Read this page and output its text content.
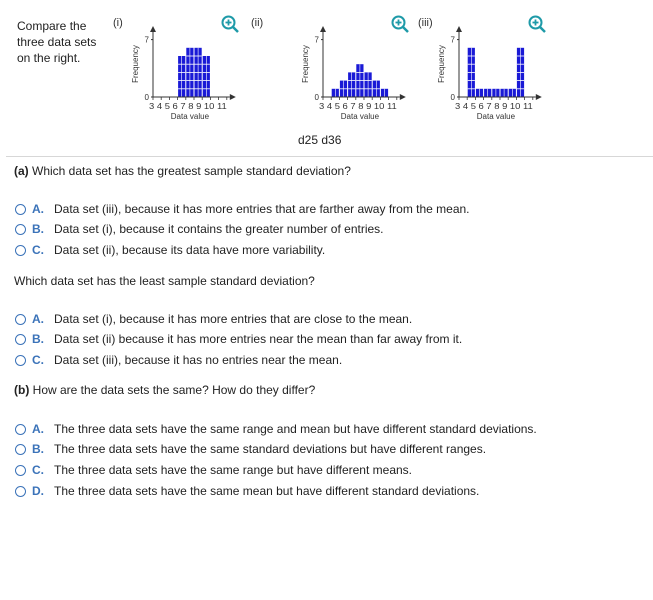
Compare the
three data sets
on the right.
(i)	(ii)	(iii)
Frequency
0
7
3 4 5 6 7 8 9 10 11
Data value
Frequency
0
7
3 4 5 6 7 8 9 10 11
Data value
Frequency
0
7
3 4 5 6 7 8 9 10 11
Data value
d25 d36
(a) Which data set has the greatest sample standard deviation?
A. Data set (iii), because it has more entries that are farther away from the mean.
B. Data set (i), because it contains the greater number of entries.
C. Data set (ii), because its data have more variability.
Which data set has the least sample standard deviation?
A. Data set (i), because it has more entries that are close to the mean.
B. Data set (ii) because it has more entries near the mean than far away from it.
C. Data set (iii), because it has no entries near the mean.
(b) How are the data sets the same? How do they differ?
A. The three data sets have the same range and mean but have different standard deviations.
B. The three data sets have the same standard deviations but have different ranges.
C. The three data sets have the same range but have different means.
D. The three data sets have the same mean but have different standard deviations.
